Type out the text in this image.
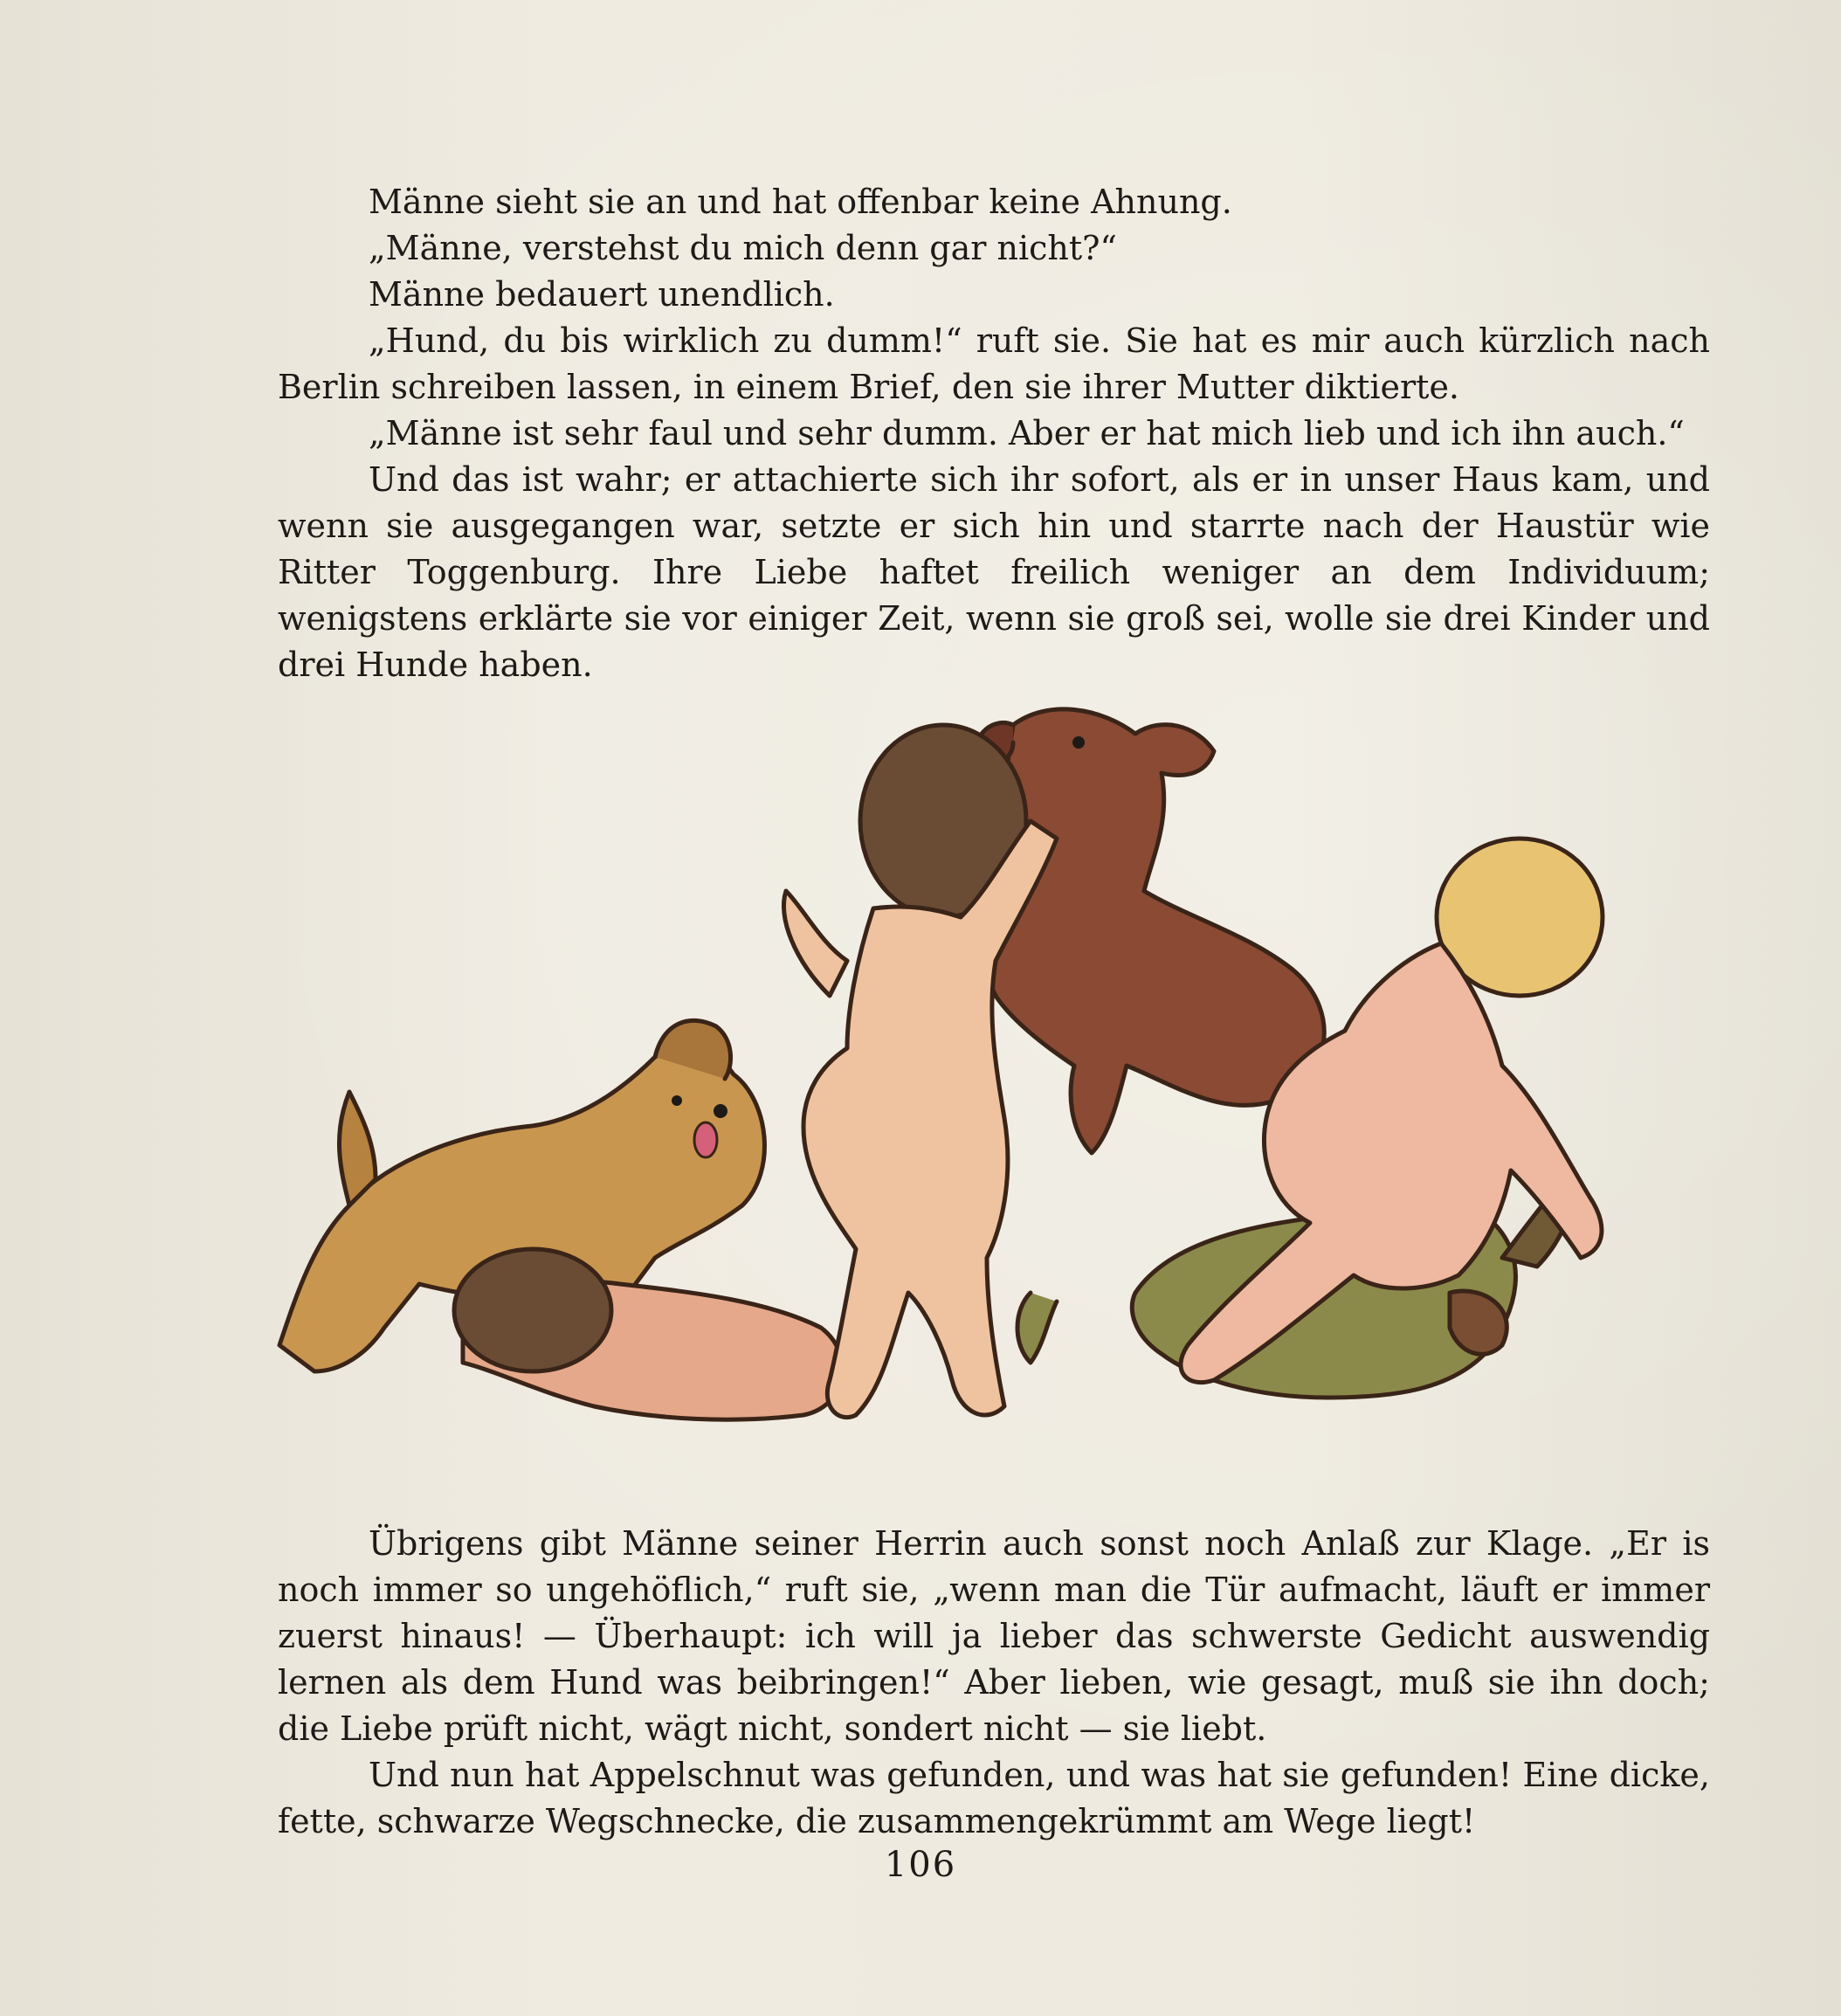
Männe sieht sie an und hat offenbar keine Ahnung.

„Männe, verstehst du mich denn gar nicht?“

Männe bedauert unendlich.

„Hund, du bis wirklich zu dumm!“ ruft sie. Sie hat es mir auch kürzlich nach Berlin schreiben lassen, in einem Brief, den sie ihrer Mutter diktierte.

„Männe ist sehr faul und sehr dumm. Aber er hat mich lieb und ich ihn auch.“

Und das ist wahr; er attachierte sich ihr sofort, als er in unser Haus kam, und wenn sie ausgegangen war, setzte er sich hin und starrte nach der Haustür wie Ritter Toggenburg. Ihre Liebe haftet freilich weniger an dem Individuum; wenigstens erklärte sie vor einiger Zeit, wenn sie groß sei, wolle sie drei Kinder und drei Hunde haben.

Übrigens gibt Männe seiner Herrin auch sonst noch Anlaß zur Klage. „Er is noch immer so ungehöflich,“ ruft sie, „wenn man die Tür aufmacht, läuft er immer zuerst hinaus! — Überhaupt: ich will ja lieber das schwerste Gedicht auswendig lernen als dem Hund was beibringen!“ Aber lieben, wie gesagt, muß sie ihn doch; die Liebe prüft nicht, wägt nicht, sondert nicht — sie liebt.

Und nun hat Appelschnut was gefunden, und was hat sie gefunden! Eine dicke, fette, schwarze Wegschnecke, die zusammengekrümmt am Wege liegt!

106
